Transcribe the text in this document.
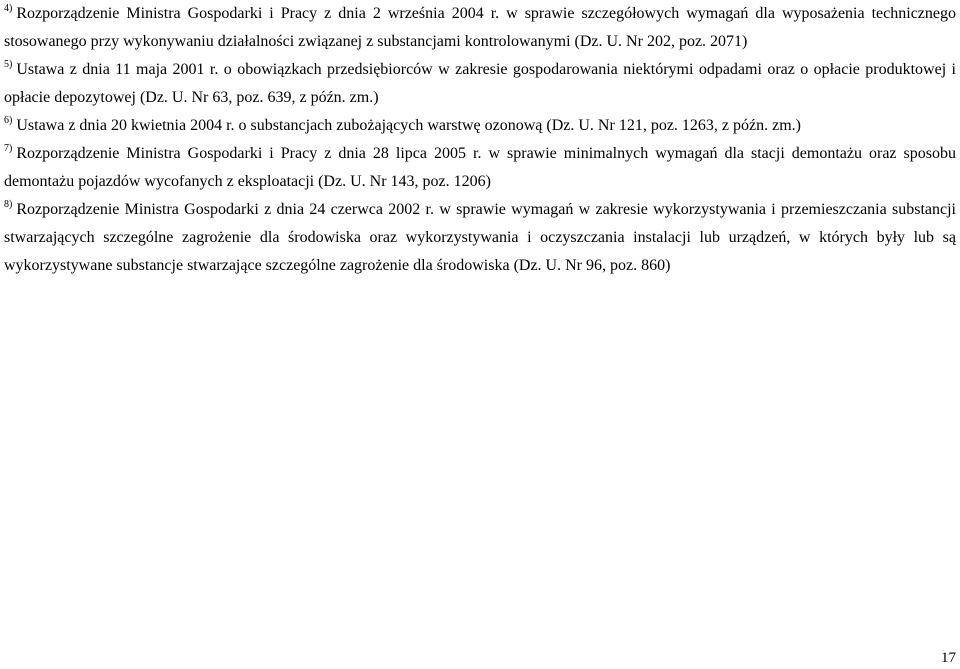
$^{4)}$ Rozporządzenie Ministra Gospodarki i Pracy z dnia 2 września 2004 r. w sprawie szczegółowych wymagań dla wyposażenia technicznego stosowanego przy wykonywaniu działalności związanej z substancjami kontrolowanymi (Dz. U. Nr 202, poz. 2071)

$^{5)}$ Ustawa z dnia 11 maja 2001 r. o obowiązkach przedsiębiorców w zakresie gospodarowania niektórymi odpadami oraz o opłacie produktowej i opłacie depozytowej (Dz. U. Nr 63, poz. 639, z późn. zm.)

$^{6)}$ Ustawa z dnia 20 kwietnia 2004 r. o substancjach zubożających warstwę ozonową (Dz. U. Nr 121, poz. 1263, z późn. zm.)

$^{7)}$ Rozporządzenie Ministra Gospodarki i Pracy z dnia 28 lipca 2005 r. w sprawie minimalnych wymagań dla stacji demontażu oraz sposobu demontażu pojazdów wycofanych z eksploatacji (Dz. U. Nr 143, poz. 1206)

$^{8)}$ Rozporządzenie Ministra Gospodarki z dnia 24 czerwca 2002 r. w sprawie wymagań w zakresie wykorzystywania i przemieszczania substancji stwarzających szczególne zagrożenie dla środowiska oraz wykorzystywania i oczyszczania instalacji lub urządzeń, w których były lub są wykorzystywane substancje stwarzające szczególne zagrożenie dla środowiska (Dz. U. Nr 96, poz. 860)

17
